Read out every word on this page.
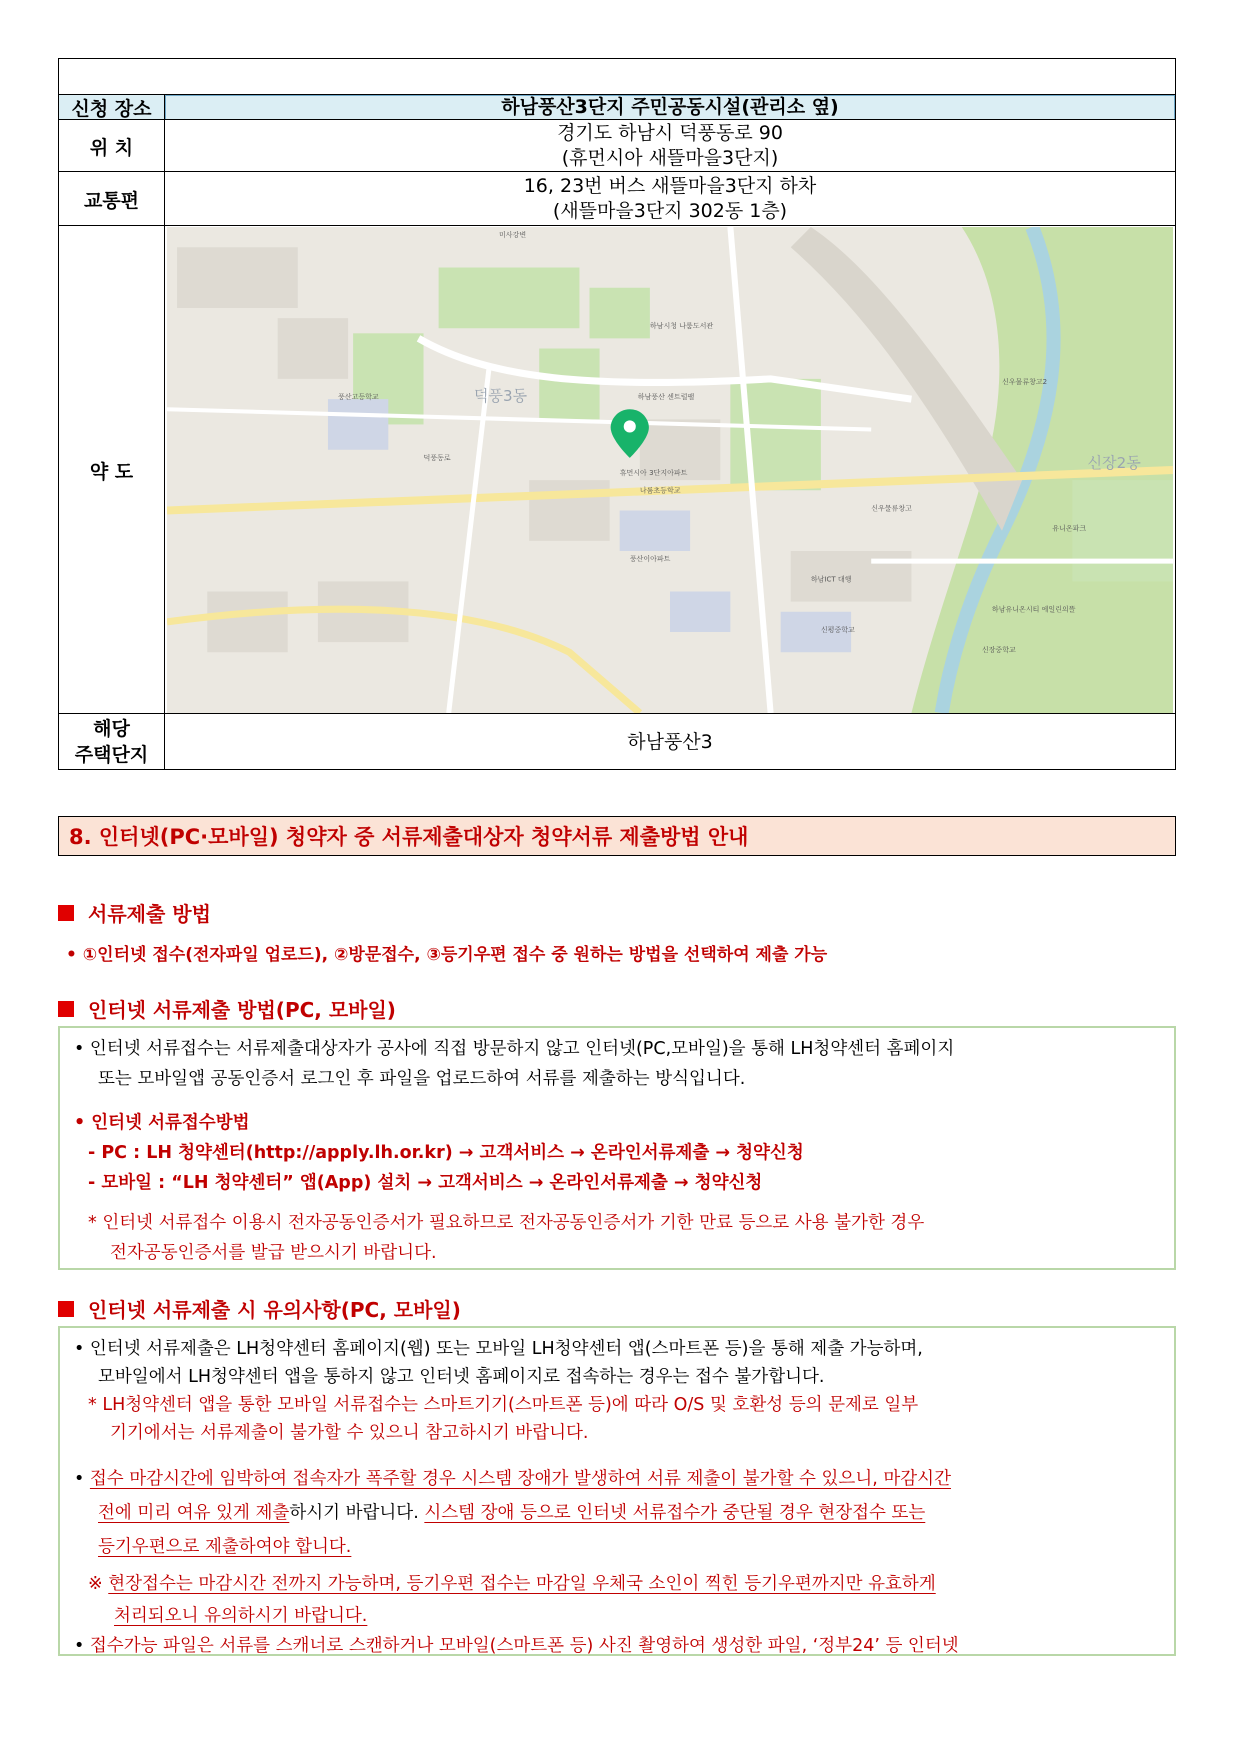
신청 장소	하남풍산3단지 주민공동시설(관리소 옆)
위 치
경기도 하남시 덕풍동로 90
(휴먼시아 새뜰마을3단지)
교통편
16, 23번 버스 새뜰마을3단지 하차
(새뜰마을3단지 302동 1층)
약 도	휴먼시아 3단지아파트
하남풍산 센트럴팰
나룸초등학교
풍산고등학교
신우물류창고
덕풍동로
하남시청 나룸도서관
유니온파크
신평중학교
하남유니온시티 에일린의뜰
신장중학교
신우물류창고2
하남ICT 대행
풍산이아파트
미사강변
신장2동
덕풍3동
해당
주택단지
하남풍산3
8. 인터넷(PC·모바일) 청약자 중 서류제출대상자 청약서류 제출방법 안내
서류제출 방법
• ①인터넷 접수(전자파일 업로드), ②방문접수, ③등기우편 접수 중 원하는 방법을 선택하여 제출 가능
인터넷 서류제출 방법(PC, 모바일)
• 인터넷 서류접수는 서류제출대상자가 공사에 직접 방문하지 않고 인터넷(PC,모바일)을 통해 LH청약센터 홈페이지
또는 모바일앱 공동인증서 로그인 후 파일을 업로드하여 서류를 제출하는 방식입니다.
• 인터넷 서류접수방법
- PC : LH 청약센터(http://apply.lh.or.kr) → 고객서비스 → 온라인서류제출 → 청약신청
- 모바일 : “LH 청약센터” 앱(App) 설치 → 고객서비스 → 온라인서류제출 → 청약신청
* 인터넷 서류접수 이용시 전자공동인증서가 필요하므로 전자공동인증서가 기한 만료 등으로 사용 불가한 경우
전자공동인증서를 발급 받으시기 바랍니다.
인터넷 서류제출 시 유의사항(PC, 모바일)
• 인터넷 서류제출은 LH청약센터 홈페이지(웹) 또는 모바일 LH청약센터 앱(스마트폰 등)을 통해 제출 가능하며,
모바일에서 LH청약센터 앱을 통하지 않고 인터넷 홈페이지로 접속하는 경우는 접수 불가합니다.
* LH청약센터 앱을 통한 모바일 서류접수는 스마트기기(스마트폰 등)에 따라 O/S 및 호환성 등의 문제로 일부
기기에서는 서류제출이 불가할 수 있으니 참고하시기 바랍니다.
• 접수 마감시간에 임박하여 접속자가 폭주할 경우 시스템 장애가 발생하여 서류 제출이 불가할 수 있으니, 마감시간
전에 미리 여유 있게 제출하시기 바랍니다. 시스템 장애 등으로 인터넷 서류접수가 중단될 경우 현장접수 또는
등기우편으로 제출하여야 합니다.
※ 현장접수는 마감시간 전까지 가능하며, 등기우편 접수는 마감일 우체국 소인이 찍힌 등기우편까지만 유효하게
처리되오니 유의하시기 바랍니다.
• 접수가능 파일은 서류를 스캐너로 스캔하거나 모바일(스마트폰 등) 사진 촬영하여 생성한 파일, ‘정부24’ 등 인터넷
